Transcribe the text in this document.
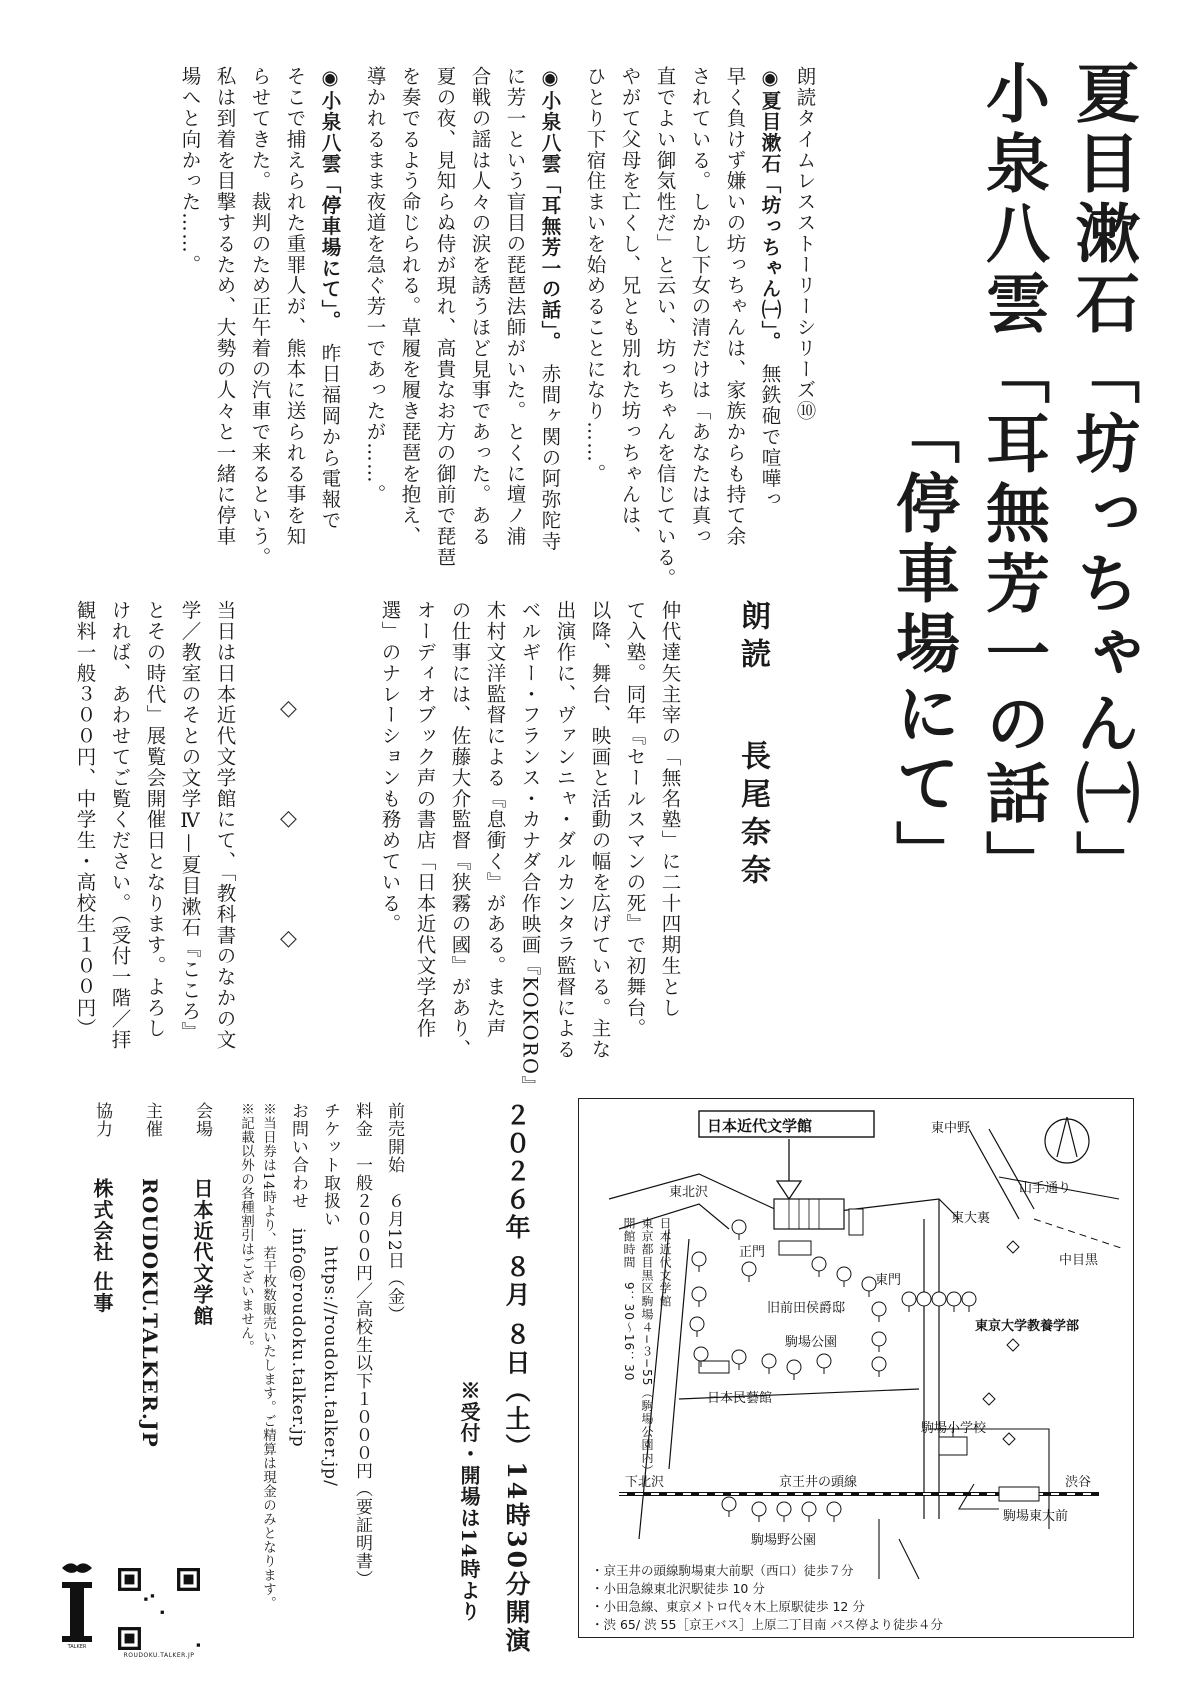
夏目漱石「坊っちゃん㈠」
小泉八雲「耳無芳一の話」
「停車場にて」
朗読タイムレスストーリーシリーズ⑩
◉夏目漱石「坊っちゃん㈠」。　無鉄砲で喧嘩っ
早く負けず嫌いの坊っちゃんは、家族からも持て余
されている。しかし下女の清だけは「あなたは真っ
直でよい御気性だ」と云い、坊っちゃんを信じている。
やがて父母を亡くし、兄とも別れた坊っちゃんは、
ひとり下宿住まいを始めることになり……。
◉小泉八雲「耳無芳一の話」。　赤間ヶ関の阿弥陀寺
に芳一という盲目の琵琶法師がいた。とくに壇ノ浦
合戦の謡は人々の涙を誘うほど見事であった。ある
夏の夜、見知らぬ侍が現れ、高貴なお方の御前で琵琶
を奏でるよう命じられる。草履を履き琵琶を抱え、
導かれるまま夜道を急ぐ芳一であったが……。
◉小泉八雲「停車場にて」。　昨日福岡から電報で
そこで捕えられた重罪人が、熊本に送られる事を知
らせてきた。裁判のため正午着の汽車で来るという。
私は到着を目撃するため、大勢の人々と一緒に停車
場へと向かった……。
朗読
長尾奈奈
仲代達矢主宰の「無名塾」に二十四期生とし
て入塾。同年『セールスマンの死』で初舞台。
以降、舞台、映画と活動の幅を広げている。主な
出演作に、ヴァンニャ・ダルカンタラ監督による
ベルギー・フランス・カナダ合作映画『KOKORO』
木村文洋監督による『息衝く』がある。また声
の仕事には、佐藤大介監督『狭霧の國』があり、
オーディオブック声の書店「日本近代文学名作
選」のナレーションも務めている。
◇
◇
◇
当日は日本近代文学館にて、「教科書のなかの文
学／教室のそとの文学Ⅳ—夏目漱石『こころ』
とその時代」展覧会開催日となります。よろし
ければ、あわせてご覧ください。（受付一階／拝
観料一般３００円、中学生・高校生１００円）
２０２６年 ８月 ８日（土）14時30分開演
※受付・開場は14時より
前売開始　６月12日（金）
料金　一般２０００円／高校生以下１０００円（要証明書）
チケット取扱い　https://roudoku.talker.jp/
お問い合わせ　info@roudoku.talker.jp
※当日券は14時より、若干枚数販売いたします。ご精算は現金のみとなります。
※記載以外の各種割引はございません。
会場
日本近代文学館
主催
ROUDOKU.TALKER.JP
協力
株式会社 仕事
TALKER
ROUDOKU.TALKER.JP
日本近代文学館
日本近代文学館
東京都目黒区駒場４−３−55（駒場公園内）
開館時間　9：30〜16：30
東中野
山手通り
東北沢
東大裏
中目黒
正門
東門
旧前田侯爵邸
東京大学教養学部
駒場公園
日本民藝館
駒場小学校
下北沢	京王井の頭線	渋谷
駒場東大前
駒場野公園
・京王井の頭線駒場東大前駅（西口）徒歩７分
・小田急線東北沢駅徒歩 10 分
・小田急線、東京メトロ代々木上原駅徒歩 12 分
・渋 65/ 渋 55［京王バス］上原二丁目南 バス停より徒歩４分
